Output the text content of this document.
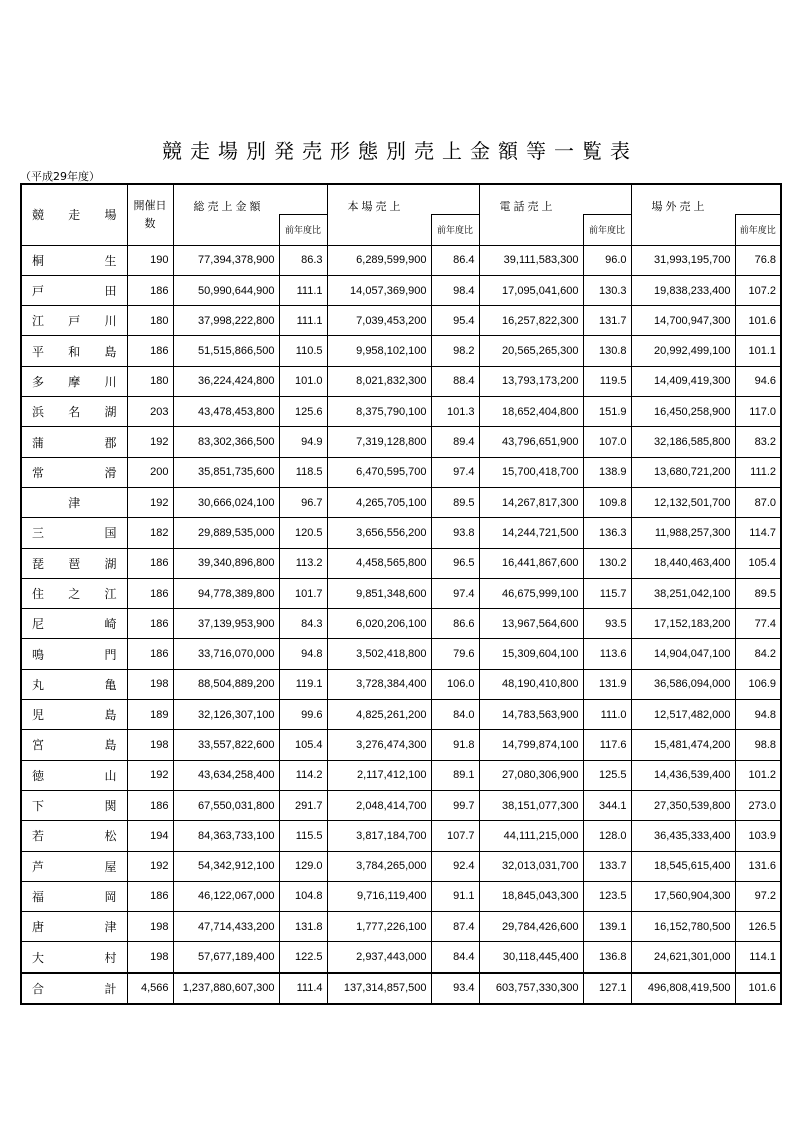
競走場別発売形態別売上金額等一覧表
（平成29年度）
競 走 場	開催日数	総売上金額		本場売上		電話売上		場外売上	
			前年度比		前年度比		前年度比		前年度比

桐 生	190	77,394,378,900	86.3	6,289,599,900	86.4	39,111,583,300	96.0	31,993,195,700	76.8

戸 田	186	50,990,644,900	111.1	14,057,369,900	98.4	17,095,041,600	130.3	19,838,233,400	107.2

江 戸 川	180	37,998,222,800	111.1	7,039,453,200	95.4	16,257,822,300	131.7	14,700,947,300	101.6

平 和 島	186	51,515,866,500	110.5	9,958,102,100	98.2	20,565,265,300	130.8	20,992,499,100	101.1

多 摩 川	180	36,224,424,800	101.0	8,021,832,300	88.4	13,793,173,200	119.5	14,409,419,300	94.6

浜 名 湖	203	43,478,453,800	125.6	8,375,790,100	101.3	18,652,404,800	151.9	16,450,258,900	117.0

蒲 郡	192	83,302,366,500	94.9	7,319,128,800	89.4	43,796,651,900	107.0	32,186,585,800	83.2

常 滑	200	35,851,735,600	118.5	6,470,595,700	97.4	15,700,418,700	138.9	13,680,721,200	111.2

津	192	30,666,024,100	96.7	4,265,705,100	89.5	14,267,817,300	109.8	12,132,501,700	87.0

三 国	182	29,889,535,000	120.5	3,656,556,200	93.8	14,244,721,500	136.3	11,988,257,300	114.7

琵 琶 湖	186	39,340,896,800	113.2	4,458,565,800	96.5	16,441,867,600	130.2	18,440,463,400	105.4

住 之 江	186	94,778,389,800	101.7	9,851,348,600	97.4	46,675,999,100	115.7	38,251,042,100	89.5

尼 崎	186	37,139,953,900	84.3	6,020,206,100	86.6	13,967,564,600	93.5	17,152,183,200	77.4

鳴 門	186	33,716,070,000	94.8	3,502,418,800	79.6	15,309,604,100	113.6	14,904,047,100	84.2

丸 亀	198	88,504,889,200	119.1	3,728,384,400	106.0	48,190,410,800	131.9	36,586,094,000	106.9

児 島	189	32,126,307,100	99.6	4,825,261,200	84.0	14,783,563,900	111.0	12,517,482,000	94.8

宮 島	198	33,557,822,600	105.4	3,276,474,300	91.8	14,799,874,100	117.6	15,481,474,200	98.8

徳 山	192	43,634,258,400	114.2	2,117,412,100	89.1	27,080,306,900	125.5	14,436,539,400	101.2

下 関	186	67,550,031,800	291.7	2,048,414,700	99.7	38,151,077,300	344.1	27,350,539,800	273.0

若 松	194	84,363,733,100	115.5	3,817,184,700	107.7	44,111,215,000	128.0	36,435,333,400	103.9

芦 屋	192	54,342,912,100	129.0	3,784,265,000	92.4	32,013,031,700	133.7	18,545,615,400	131.6

福 岡	186	46,122,067,000	104.8	9,716,119,400	91.1	18,845,043,300	123.5	17,560,904,300	97.2

唐 津	198	47,714,433,200	131.8	1,777,226,100	87.4	29,784,426,600	139.1	16,152,780,500	126.5

大 村	198	57,677,189,400	122.5	2,937,443,000	84.4	30,118,445,400	136.8	24,621,301,000	114.1

合 計	4,566	1,237,880,607,300	111.4	137,314,857,500	93.4	603,757,330,300	127.1	496,808,419,500	101.6
